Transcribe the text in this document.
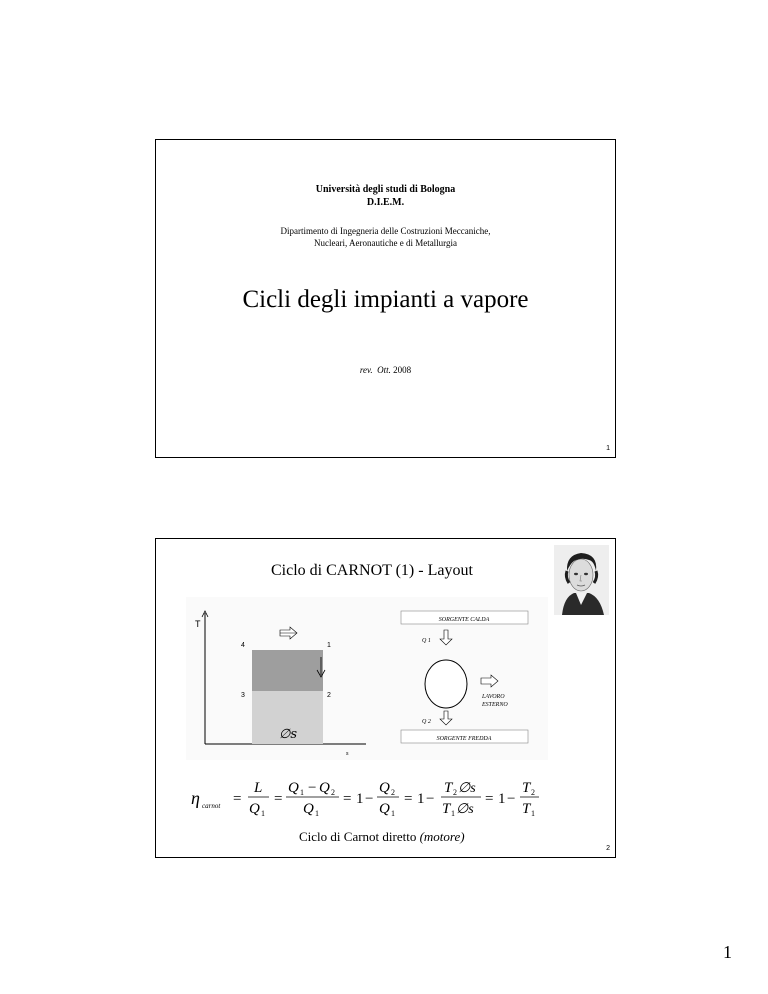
Università degli studi di Bologna
D.I.E.M.
Dipartimento di Ingegneria delle Costruzioni Meccaniche,
Nucleari, Aeronautiche e di Metallurgia
Cicli degli impianti a vapore
rev. Ott. 2008
1
Ciclo di CARNOT (1) - Layout
T
s
4	1
3	2
∅s
SORGENTE CALDA
Q 1
LAVORO
ESTERNO
Q 2
SORGENTE FREDDA
η carnot =
L
Q 1
=
Q 1 − Q 2
Q 1
= 1 −
Q 2
Q 1
= 1 −
T 2 ∅s
T 1 ∅s
= 1 −
T 2
T 1
Ciclo di Carnot diretto (motore)
2
1
